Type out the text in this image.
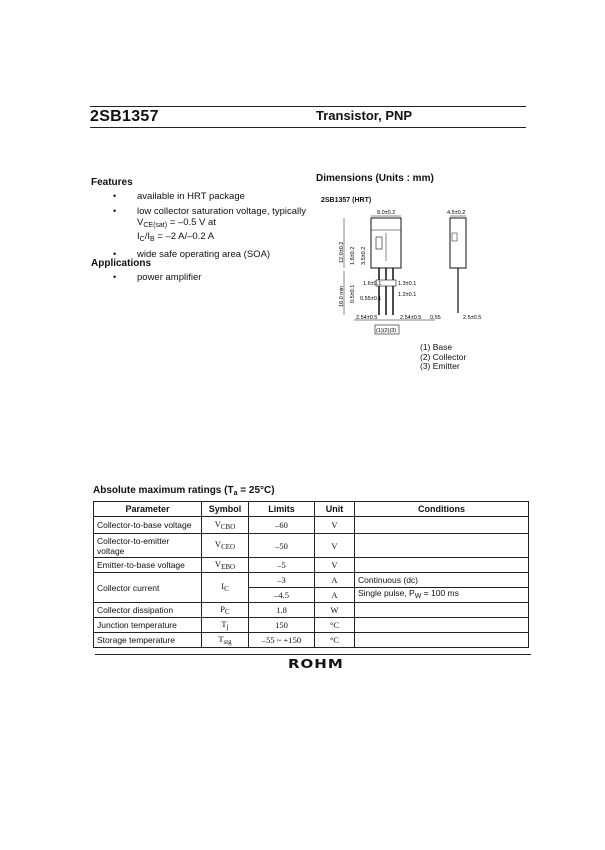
2SB1357	Transistor, PNP
Features
• available in HRT package
• low collector saturation voltage, typically $V_{CE(sat)} = -0.5$ V at
$I_C/I_B = -2$ A/–0.2 A
• wide safe operating area (SOA)
Applications
• power amplifier
Dimensions (Units : mm)
2SB1357 (HRT)
8.0±0.2
12.0±0.2 1.6±0.2 3.5±0.2
16.0 min 0.5±0.1
1.6±0.1	1.3±0.1
1.2±0.1
0.55±0.1
2.54±0.5	2.54±0.5
(1)(2)(3)
4.5±0.2
0.55	2.5±0.5
(1) Base
(2) Collector
(3) Emitter
Absolute maximum ratings $(T_a = 25^\circ C)$
Parameter	Symbol	Limits	Unit	Conditions
Collector-to-base voltage	$V_{CBO}$	–60	V	
Collector-to-emitter voltage	$V_{CEO}$	–50	V	
Emitter-to-base voltage	$V_{EBO}$	–5	V	
Collector current	$I_C$	–3	A	Continuous (dc)
		–4.5	A	Single pulse, $P_W = 100$ ms
Collector dissipation	$P_C$	1.8	W	
Junction temperature	$T_j$	150	°C	
Storage temperature	$T_{stg}$	–55 ~ +150	°C	
ROHM
